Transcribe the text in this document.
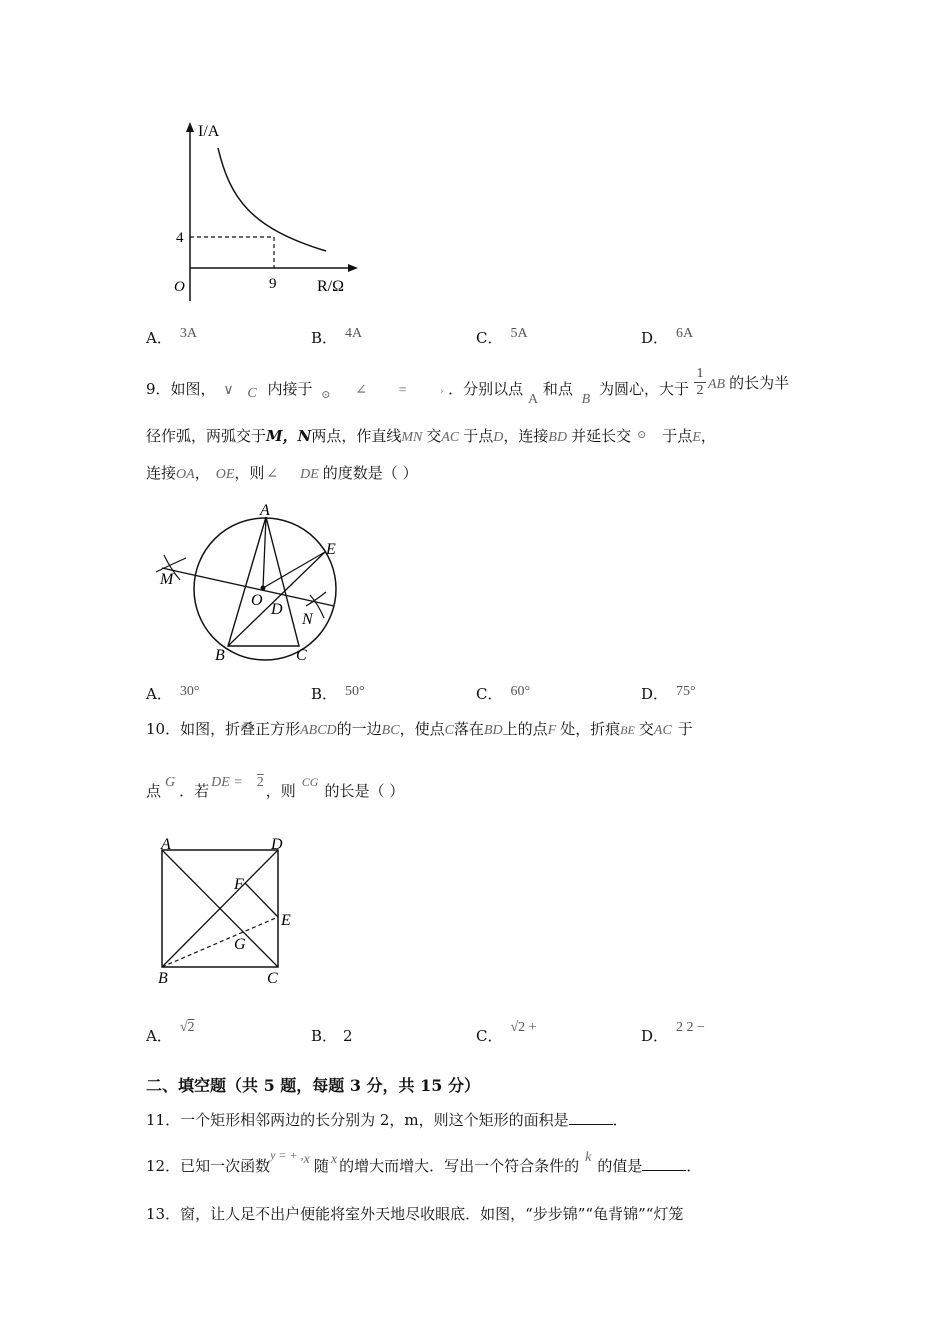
I/A
R/Ω
O
4
9
A． 3A	B． 4A	C． 5A	D． 6A
9．如图， ∨ C 内接于 $_⊙$ ∠ =	› ．分别以点 A 和点 B 为圆心，大于
1
2 AB 的长为半
径作弧，两弧交于M，N两点，作直线MN 交AC 于点D，连接BD 并延长交 ⊙ 于点E，
连接OA， OE，则 ∠ DE 的度数是（ ）
A
B	C
D
E
O
M
N
A． 30°	B． 50°	C． 60°	D． 75°
10．如图，折叠正方形ABCD的一边BC，使点C落在BD上的点F 处，折痕BE 交AC 于
点 G ．若 DE = 2 ，则 $^{CG}$ 的长是（ ）
A	D
B	C
E
F
G
A． √2	B． 2	C． √2 +	D． 2 2 −
二、填空题（共 5 题，每题 3 分，共 15 分）
11．一个矩形相邻两边的长分别为 2，m，则这个矩形的面积是	．
12．已知一次函数$^{y = + ,}$x 随 x 的增大而增大．写出一个符合条件的 k 的值是	．
13．窗，让人足不出户便能将室外天地尽收眼底．如图，“步步锦”“龟背锦”“灯笼
